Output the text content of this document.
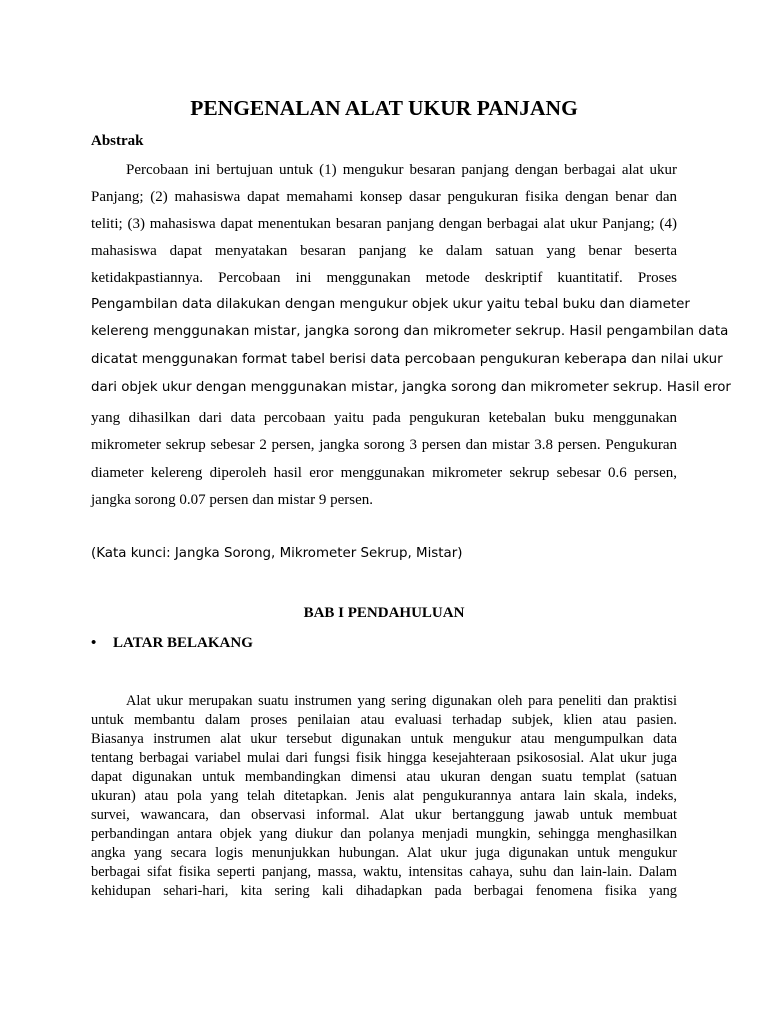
PENGENALAN ALAT UKUR PANJANG
Abstrak
Percobaan ini bertujuan untuk (1) mengukur besaran panjang dengan berbagai alat ukur
Panjang; (2) mahasiswa dapat memahami konsep dasar pengukuran fisika dengan benar dan
teliti; (3) mahasiswa dapat menentukan besaran panjang dengan berbagai alat ukur Panjang; (4)
mahasiswa dapat menyatakan besaran panjang ke dalam satuan yang benar beserta
ketidakpastiannya. Percobaan ini menggunakan metode deskriptif kuantitatif. Proses
Pengambilan data dilakukan dengan mengukur objek ukur yaitu tebal buku dan diameter
kelereng menggunakan mistar, jangka sorong dan mikrometer sekrup. Hasil pengambilan data
dicatat menggunakan format tabel berisi data percobaan pengukuran keberapa dan nilai ukur
dari objek ukur dengan menggunakan mistar, jangka sorong dan mikrometer sekrup. Hasil eror
yang dihasilkan dari data percobaan yaitu pada pengukuran ketebalan buku menggunakan
mikrometer sekrup sebesar 2 persen, jangka sorong 3 persen dan mistar 3.8 persen. Pengukuran
diameter kelereng diperoleh hasil eror menggunakan mikrometer sekrup sebesar 0.6 persen,
jangka sorong 0.07 persen dan mistar 9 persen.
(Kata kunci: Jangka Sorong, Mikrometer Sekrup, Mistar)
BAB I PENDAHULUAN
• LATAR BELAKANG
Alat ukur merupakan suatu instrumen yang sering digunakan oleh para peneliti dan praktisi
untuk membantu dalam proses penilaian atau evaluasi terhadap subjek, klien atau pasien.
Biasanya instrumen alat ukur tersebut digunakan untuk mengukur atau mengumpulkan data
tentang berbagai variabel mulai dari fungsi fisik hingga kesejahteraan psikososial. Alat ukur juga
dapat digunakan untuk membandingkan dimensi atau ukuran dengan suatu templat (satuan
ukuran) atau pola yang telah ditetapkan. Jenis alat pengukurannya antara lain skala, indeks,
survei, wawancara, dan observasi informal. Alat ukur bertanggung jawab untuk membuat
perbandingan antara objek yang diukur dan polanya menjadi mungkin, sehingga menghasilkan
angka yang secara logis menunjukkan hubungan. Alat ukur juga digunakan untuk mengukur
berbagai sifat fisika seperti panjang, massa, waktu, intensitas cahaya, suhu dan lain-lain. Dalam
kehidupan sehari-hari, kita sering kali dihadapkan pada berbagai fenomena fisika yang
